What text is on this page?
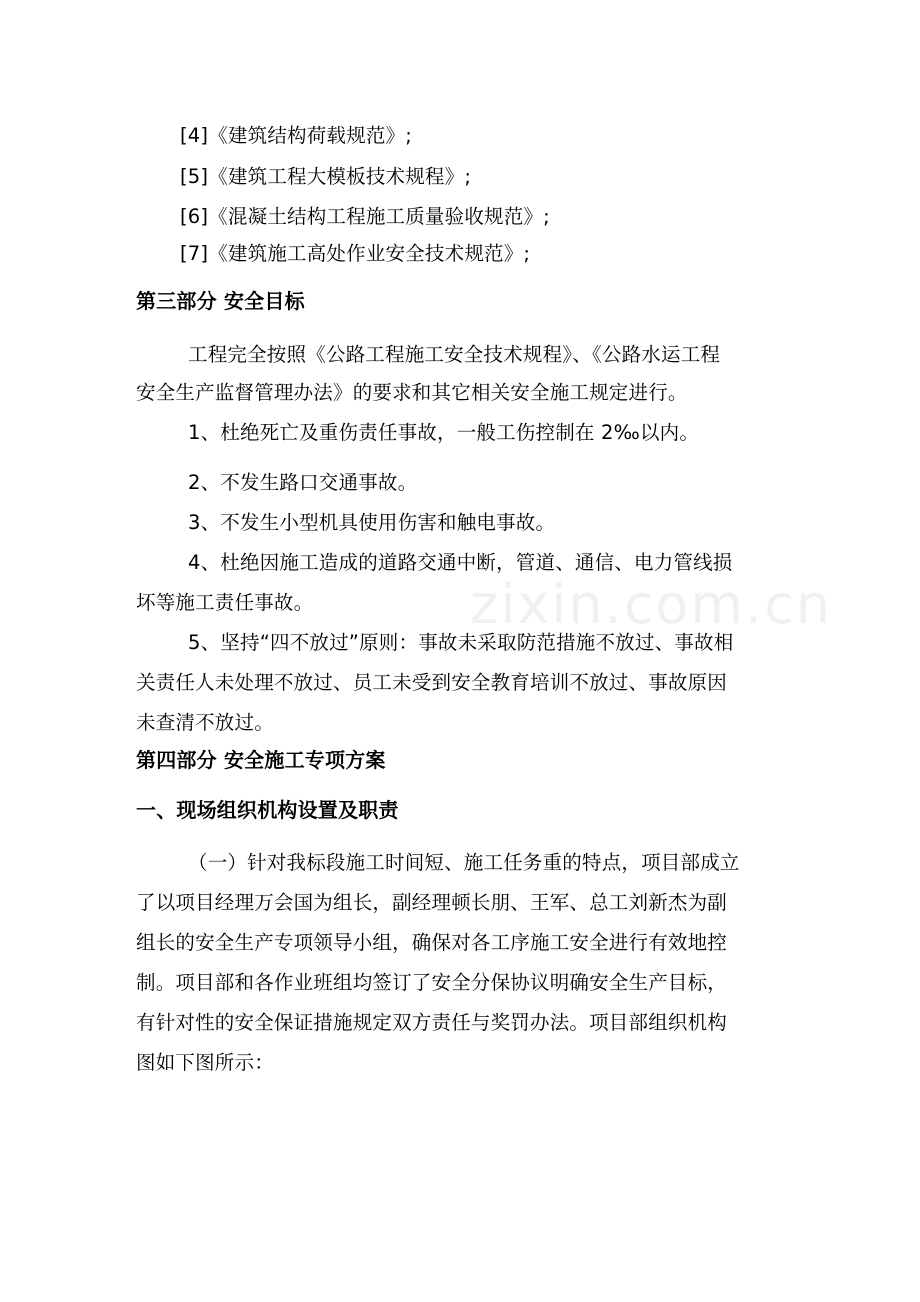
zixin.com.cn
[4]《建筑结构荷载规范》;
[5]《建筑工程大模板技术规程》;
[6]《混凝土结构工程施工质量验收规范》;
[7]《建筑施工高处作业安全技术规范》;
第三部分 安全目标
工程完全按照《公路工程施工安全技术规程》、《公路水运工程
安全生产监督管理办法》的要求和其它相关安全施工规定进行。
1、杜绝死亡及重伤责任事故，一般工伤控制在 2‰以内。
2、不发生路口交通事故。
3、不发生小型机具使用伤害和触电事故。
4、杜绝因施工造成的道路交通中断，管道、通信、电力管线损
坏等施工责任事故。
5、坚持“四不放过”原则：事故未采取防范措施不放过、事故相
关责任人未处理不放过、员工未受到安全教育培训不放过、事故原因
未查清不放过。
第四部分 安全施工专项方案
一、现场组织机构设置及职责
（一）针对我标段施工时间短、施工任务重的特点，项目部成立
了以项目经理万会国为组长，副经理顿长朋、王军、总工刘新杰为副
组长的安全生产专项领导小组，确保对各工序施工安全进行有效地控
制。项目部和各作业班组均签订了安全分保协议明确安全生产目标，
有针对性的安全保证措施规定双方责任与奖罚办法。项目部组织机构
图如下图所示：
